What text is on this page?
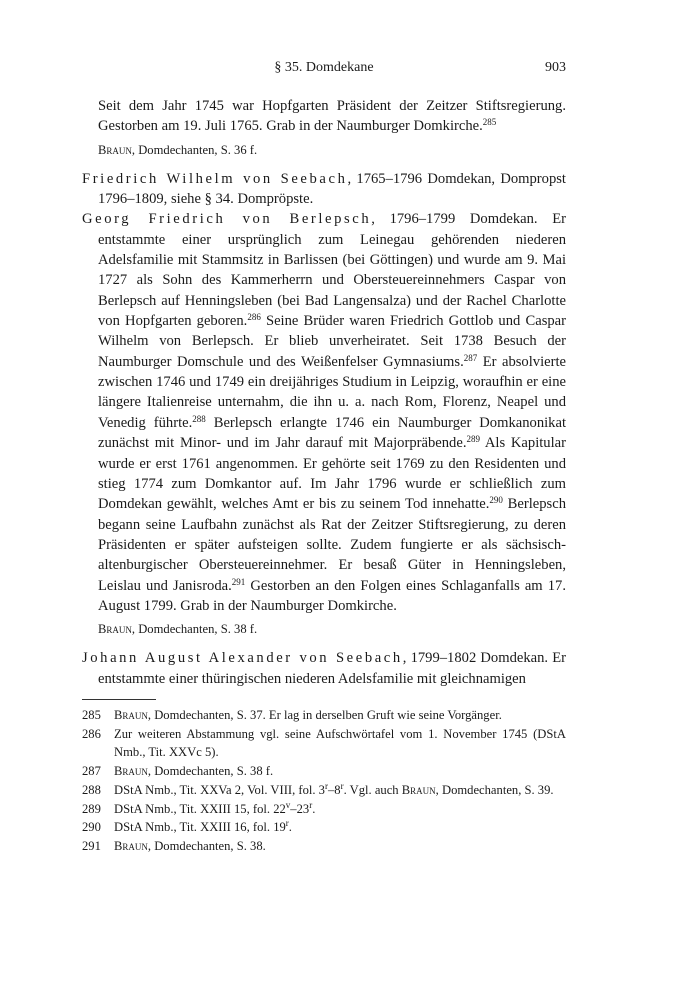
§ 35. Domdekane	903

Seit dem Jahr 1745 war Hopfgarten Präsident der Zeitzer Stiftsregierung. Gestorben am 19. Juli 1765. Grab in der Naumburger Domkirche.$^{285}$

Braun, Domdechanten, S. 36 f.

Friedrich Wilhelm von Seebach, 1765–1796 Domdekan, Dompropst 1796–1809, siehe § 34. Dompröpste.

Georg Friedrich von Berlepsch, 1796–1799 Domdekan. Er entstammte einer ursprünglich zum Leinegau gehörenden niederen Adelsfamilie mit Stammsitz in Barlissen (bei Göttingen) und wurde am 9. Mai 1727 als Sohn des Kammerherrn und Obersteuereinnehmers Caspar von Berlepsch auf Henningsleben (bei Bad Langensalza) und der Rachel Charlotte von Hopfgarten geboren.$^{286}$ Seine Brüder waren Friedrich Gottlob und Caspar Wilhelm von Berlepsch. Er blieb unverheiratet. Seit 1738 Besuch der Naumburger Domschule und des Weißenfelser Gymnasiums.$^{287}$ Er absolvierte zwischen 1746 und 1749 ein dreijähriges Studium in Leipzig, woraufhin er eine längere Italienreise unternahm, die ihn u. a. nach Rom, Florenz, Neapel und Venedig führte.$^{288}$ Berlepsch erlangte 1746 ein Naumburger Domkanonikat zunächst mit Minor- und im Jahr darauf mit Majorpräbende.$^{289}$ Als Kapitular wurde er erst 1761 angenommen. Er gehörte seit 1769 zu den Residenten und stieg 1774 zum Domkantor auf. Im Jahr 1796 wurde er schließlich zum Domdekan gewählt, welches Amt er bis zu seinem Tod innehatte.$^{290}$ Berlepsch begann seine Laufbahn zunächst als Rat der Zeitzer Stiftsregierung, zu deren Präsidenten er später aufsteigen sollte. Zudem fungierte er als sächsisch-altenburgischer Obersteuereinnehmer. Er besaß Güter in Henningsleben, Leislau und Janisroda.$^{291}$ Gestorben an den Folgen eines Schlaganfalls am 17. August 1799. Grab in der Naumburger Domkirche.

Braun, Domdechanten, S. 38 f.

Johann August Alexander von Seebach, 1799–1802 Domdekan. Er entstammte einer thüringischen niederen Adelsfamilie mit gleichnamigen

285 Braun, Domdechanten, S. 37. Er lag in derselben Gruft wie seine Vorgänger.
286 Zur weiteren Abstammung vgl. seine Aufschwörtafel vom 1. November 1745 (DStA Nmb., Tit. XXVc 5).
287 Braun, Domdechanten, S. 38 f.
288 DStA Nmb., Tit. XXVa 2, Vol. VIII, fol. 3$^r$–8$^r$. Vgl. auch Braun, Domdechanten, S. 39.
289 DStA Nmb., Tit. XXIII 15, fol. 22$^v$–23$^r$.
290 DStA Nmb., Tit. XXIII 16, fol. 19$^r$.
291 Braun, Domdechanten, S. 38.
